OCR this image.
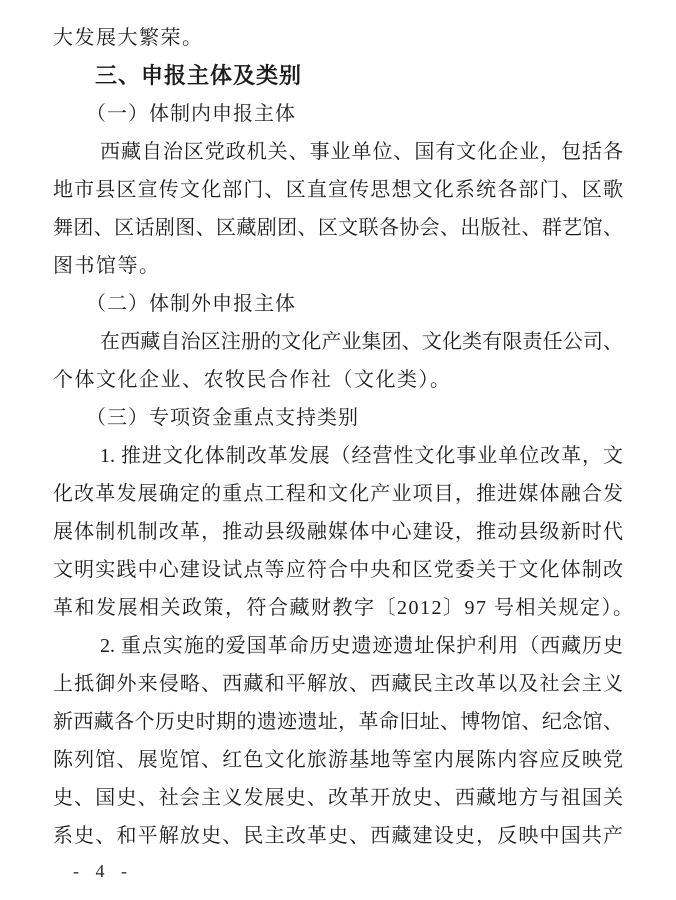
大发展大繁荣。
三、申报主体及类别
（一）体制内申报主体
西藏自治区党政机关、事业单位、国有文化企业，包括各
地市县区宣传文化部门、区直宣传思想文化系统各部门、区歌
舞团、区话剧图、区藏剧团、区文联各协会、出版社、群艺馆、
图书馆等。
（二）体制外申报主体
在西藏自治区注册的文化产业集团、文化类有限责任公司、
个体文化企业、农牧民合作社（文化类）。
（三）专项资金重点支持类别
1. 推进文化体制改革发展（经营性文化事业单位改革，文
化改革发展确定的重点工程和文化产业项目，推进媒体融合发
展体制机制改革，推动县级融媒体中心建设，推动县级新时代
文明实践中心建设试点等应符合中央和区党委关于文化体制改
革和发展相关政策，符合藏财教字〔2012〕97 号相关规定）。
2. 重点实施的爱国革命历史遗迹遗址保护利用（西藏历史
上抵御外来侵略、西藏和平解放、西藏民主改革以及社会主义
新西藏各个历史时期的遗迹遗址，革命旧址、博物馆、纪念馆、
陈列馆、展览馆、红色文化旅游基地等室内展陈内容应反映党
史、国史、社会主义发展史、改革开放史、西藏地方与祖国关
系史、和平解放史、民主改革史、西藏建设史，反映中国共产
- 4 -
